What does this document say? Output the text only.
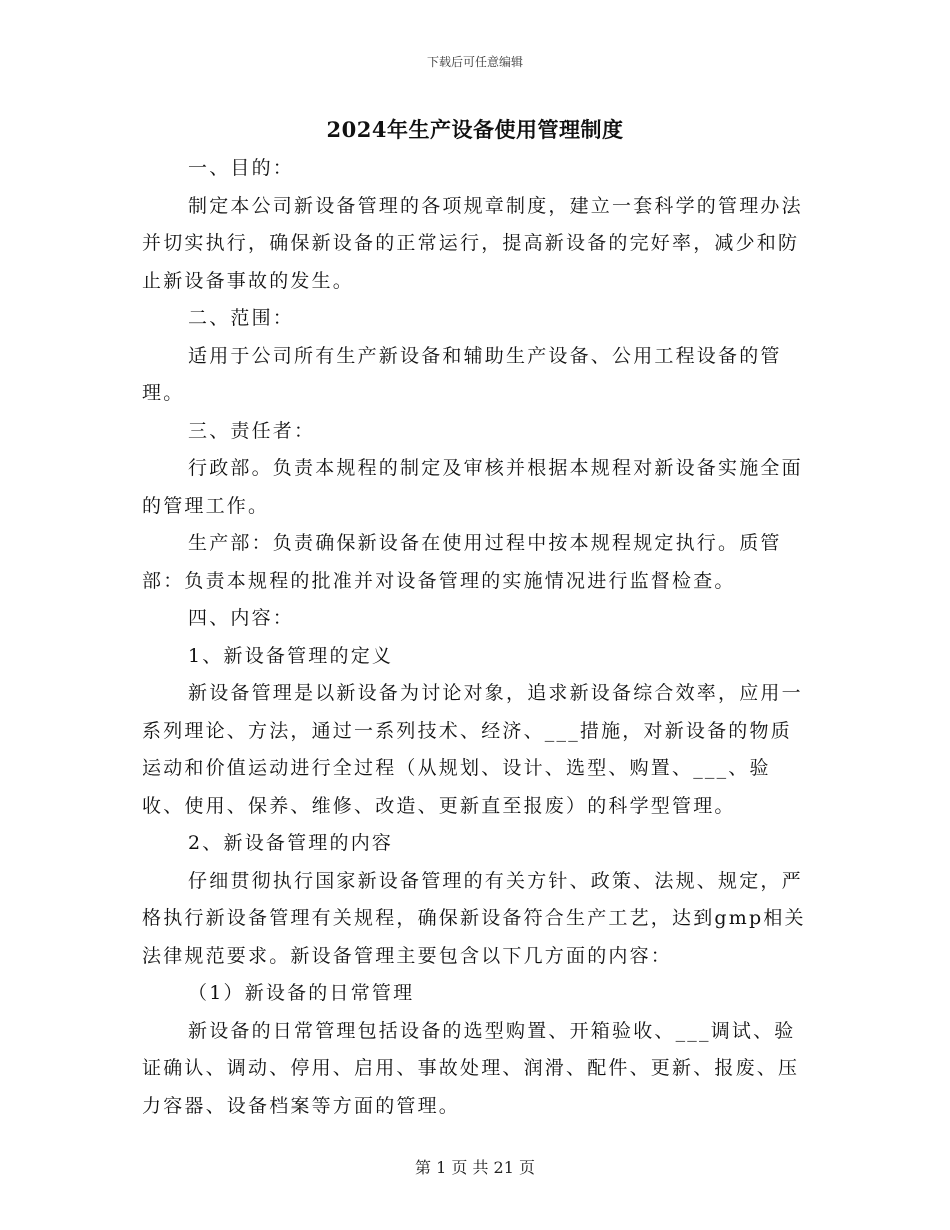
下载后可任意编辑
2024年生产设备使用管理制度

一、目的：

制定本公司新设备管理的各项规章制度，建立一套科学的管理办法并切实执行，确保新设备的正常运行，提高新设备的完好率，减少和防止新设备事故的发生。

二、范围：

适用于公司所有生产新设备和辅助生产设备、公用工程设备的管理。

三、责任者：

行政部。负责本规程的制定及审核并根据本规程对新设备实施全面的管理工作。

生产部：负责确保新设备在使用过程中按本规程规定执行。质管部：负责本规程的批准并对设备管理的实施情况进行监督检查。

四、内容：

1、新设备管理的定义

新设备管理是以新设备为讨论对象，追求新设备综合效率，应用一系列理论、方法，通过一系列技术、经济、___措施，对新设备的物质运动和价值运动进行全过程（从规划、设计、选型、购置、___、验收、使用、保养、维修、改造、更新直至报废）的科学型管理。

2、新设备管理的内容

仔细贯彻执行国家新设备管理的有关方针、政策、法规、规定，严格执行新设备管理有关规程，确保新设备符合生产工艺，达到gmp相关法律规范要求。新设备管理主要包含以下几方面的内容：

（1）新设备的日常管理

新设备的日常管理包括设备的选型购置、开箱验收、___调试、验证确认、调动、停用、启用、事故处理、润滑、配件、更新、报废、压力容器、设备档案等方面的管理。

第 1 页 共 21 页
